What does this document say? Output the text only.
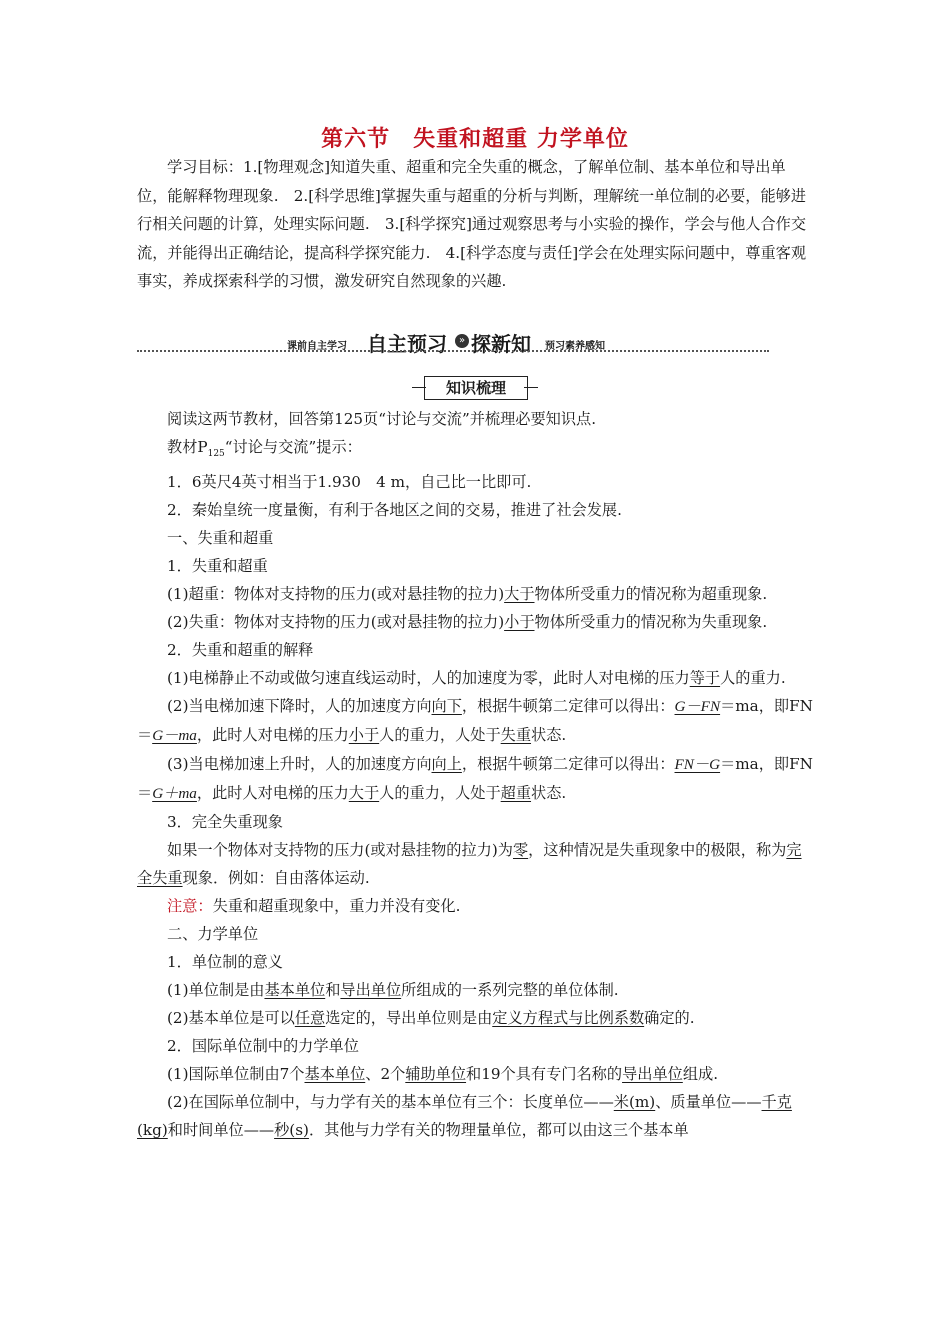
第六节　失重和超重 力学单位
学习目标：1.[物理观念]知道失重、超重和完全失重的概念，了解单位制、基本单位和导出单位，能解释物理现象.　2.[科学思维]掌握失重与超重的分析与判断，理解统一单位制的必要，能够进行相关问题的计算，处理实际问题.　3.[科学探究]通过观察思考与小实验的操作，学会与他人合作交流，并能得出正确结论，提高科学探究能力.　4.[科学态度与责任]学会在处理实际问题中，尊重客观事实，养成探索科学的习惯，激发研究自然现象的兴趣.
课前自主学习 自主预习	» 探新知 预习素养感知
知识梳理

阅读这两节教材，回答第125页“讨论与交流”并梳理必要知识点.

教材$P_{125}“$讨论与交流”提示：

1．6英尺4英寸相当于1.930　4 m，自己比一比即可.

2．秦始皇统一度量衡，有利于各地区之间的交易，推进了社会发展.

一、失重和超重

1．失重和超重

(1)超重：物体对支持物的压力(或对悬挂物的拉力)大于物体所受重力的情况称为超重现象.

(2)失重：物体对支持物的压力(或对悬挂物的拉力)小于物体所受重力的情况称为失重现象.

2．失重和超重的解释

(1)电梯静止不动或做匀速直线运动时，人的加速度为零，此时人对电梯的压力等于人的重力.

(2)当电梯加速下降时，人的加速度方向向下，根据牛顿第二定律可以得出：G－FN＝ma，即FN＝G－ma，此时人对电梯的压力小于人的重力，人处于失重状态.

(3)当电梯加速上升时，人的加速度方向向上，根据牛顿第二定律可以得出：FN－G＝ma，即FN＝G＋ma，此时人对电梯的压力大于人的重力，人处于超重状态.

3．完全失重现象

如果一个物体对支持物的压力(或对悬挂物的拉力)为零，这种情况是失重现象中的极限，称为完全失重现象．例如：自由落体运动.

注意：失重和超重现象中，重力并没有变化.

二、力学单位

1．单位制的意义

(1)单位制是由基本单位和导出单位所组成的一系列完整的单位体制.

(2)基本单位是可以任意选定的，导出单位则是由定义方程式与比例系数确定的.

2．国际单位制中的力学单位

(1)国际单位制由7个基本单位、2个辅助单位和19个具有专门名称的导出单位组成.

(2)在国际单位制中，与力学有关的基本单位有三个：长度单位——米(m)、质量单位——千克(kg)和时间单位——秒(s)．其他与力学有关的物理量单位，都可以由这三个基本单
